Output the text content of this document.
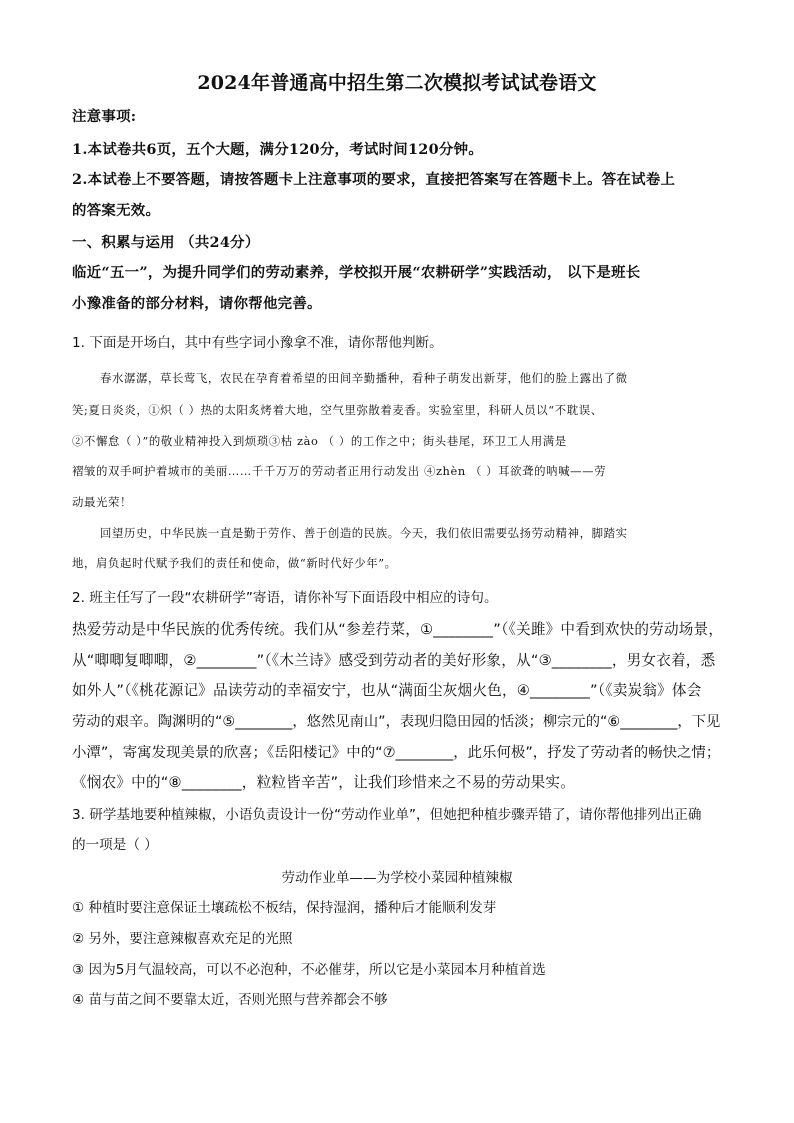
2024年普通高中招生第二次模拟考试试卷语文
注意事项:
1.本试卷共6页，五个大题，满分120分，考试时间120分钟。
2.本试卷上不要答题，请按答题卡上注意事项的要求，直接把答案写在答题卡上。答在试卷上
的答案无效。
一、积累与运用 （共24分）
临近“五一”，为提升同学们的劳动素养，学校拟开展“农耕研学”实践活动， 以下是班长
小豫准备的部分材料，请你帮他完善。
1. 下面是开场白，其中有些字词小豫拿不准，请你帮他判断。
春水潺潺，草长莺飞，农民在孕育着希望的田间辛勤播种，看种子萌发出新芽，他们的脸上露出了微
笑;夏日炎炎，①炽（ ）热的太阳炙烤着大地，空气里弥散着麦香。实验室里，科研人员以“不耽误、
②不懈怠（ ）”的敬业精神投入到烦琐③枯 zào （ ）的工作之中；街头巷尾，环卫工人用满是
褶皱的双手呵护着城市的美丽……千千万万的劳动者正用行动发出 ④zhèn （ ）耳欲聋的呐喊——劳
动最光荣！
回望历史，中华民族一直是勤于劳作、善于创造的民族。今天，我们依旧需要弘扬劳动精神，脚踏实
地，肩负起时代赋予我们的责任和使命，做“新时代好少年”。
2. 班主任写了一段“农耕研学”寄语，请你补写下面语段中相应的诗句。
热爱劳动是中华民族的优秀传统。我们从“参差荇菜，①________”（《关雎》中看到欢快的劳动场景，
从“唧唧复唧唧，②________”（《木兰诗》感受到劳动者的美好形象，从“③________，男女衣着，悉
如外人”（《桃花源记》品读劳动的幸福安宁，也从“满面尘灰烟火色，④________”（《卖炭翁》体会
劳动的艰辛。陶渊明的“⑤________，悠然见南山”，表现归隐田园的恬淡；柳宗元的“⑥________，下见
小潭”，寄寓发现美景的欣喜；《岳阳楼记》中的“⑦________，此乐何极”，抒发了劳动者的畅快之情；
《悯农》中的“⑧________，粒粒皆辛苦”，让我们珍惜来之不易的劳动果实。
3. 研学基地要种植辣椒，小语负责设计一份“劳动作业单”，但她把种植步骤弄错了，请你帮他排列出正确
的一项是（ ）
劳动作业单——为学校小菜园种植辣椒
① 种植时要注意保证土壤疏松不板结，保持湿润，播种后才能顺利发芽
② 另外，要注意辣椒喜欢充足的光照
③ 因为5月气温较高，可以不必泡种，不必催芽，所以它是小菜园本月种植首选
④ 苗与苗之间不要靠太近，否则光照与营养都会不够
